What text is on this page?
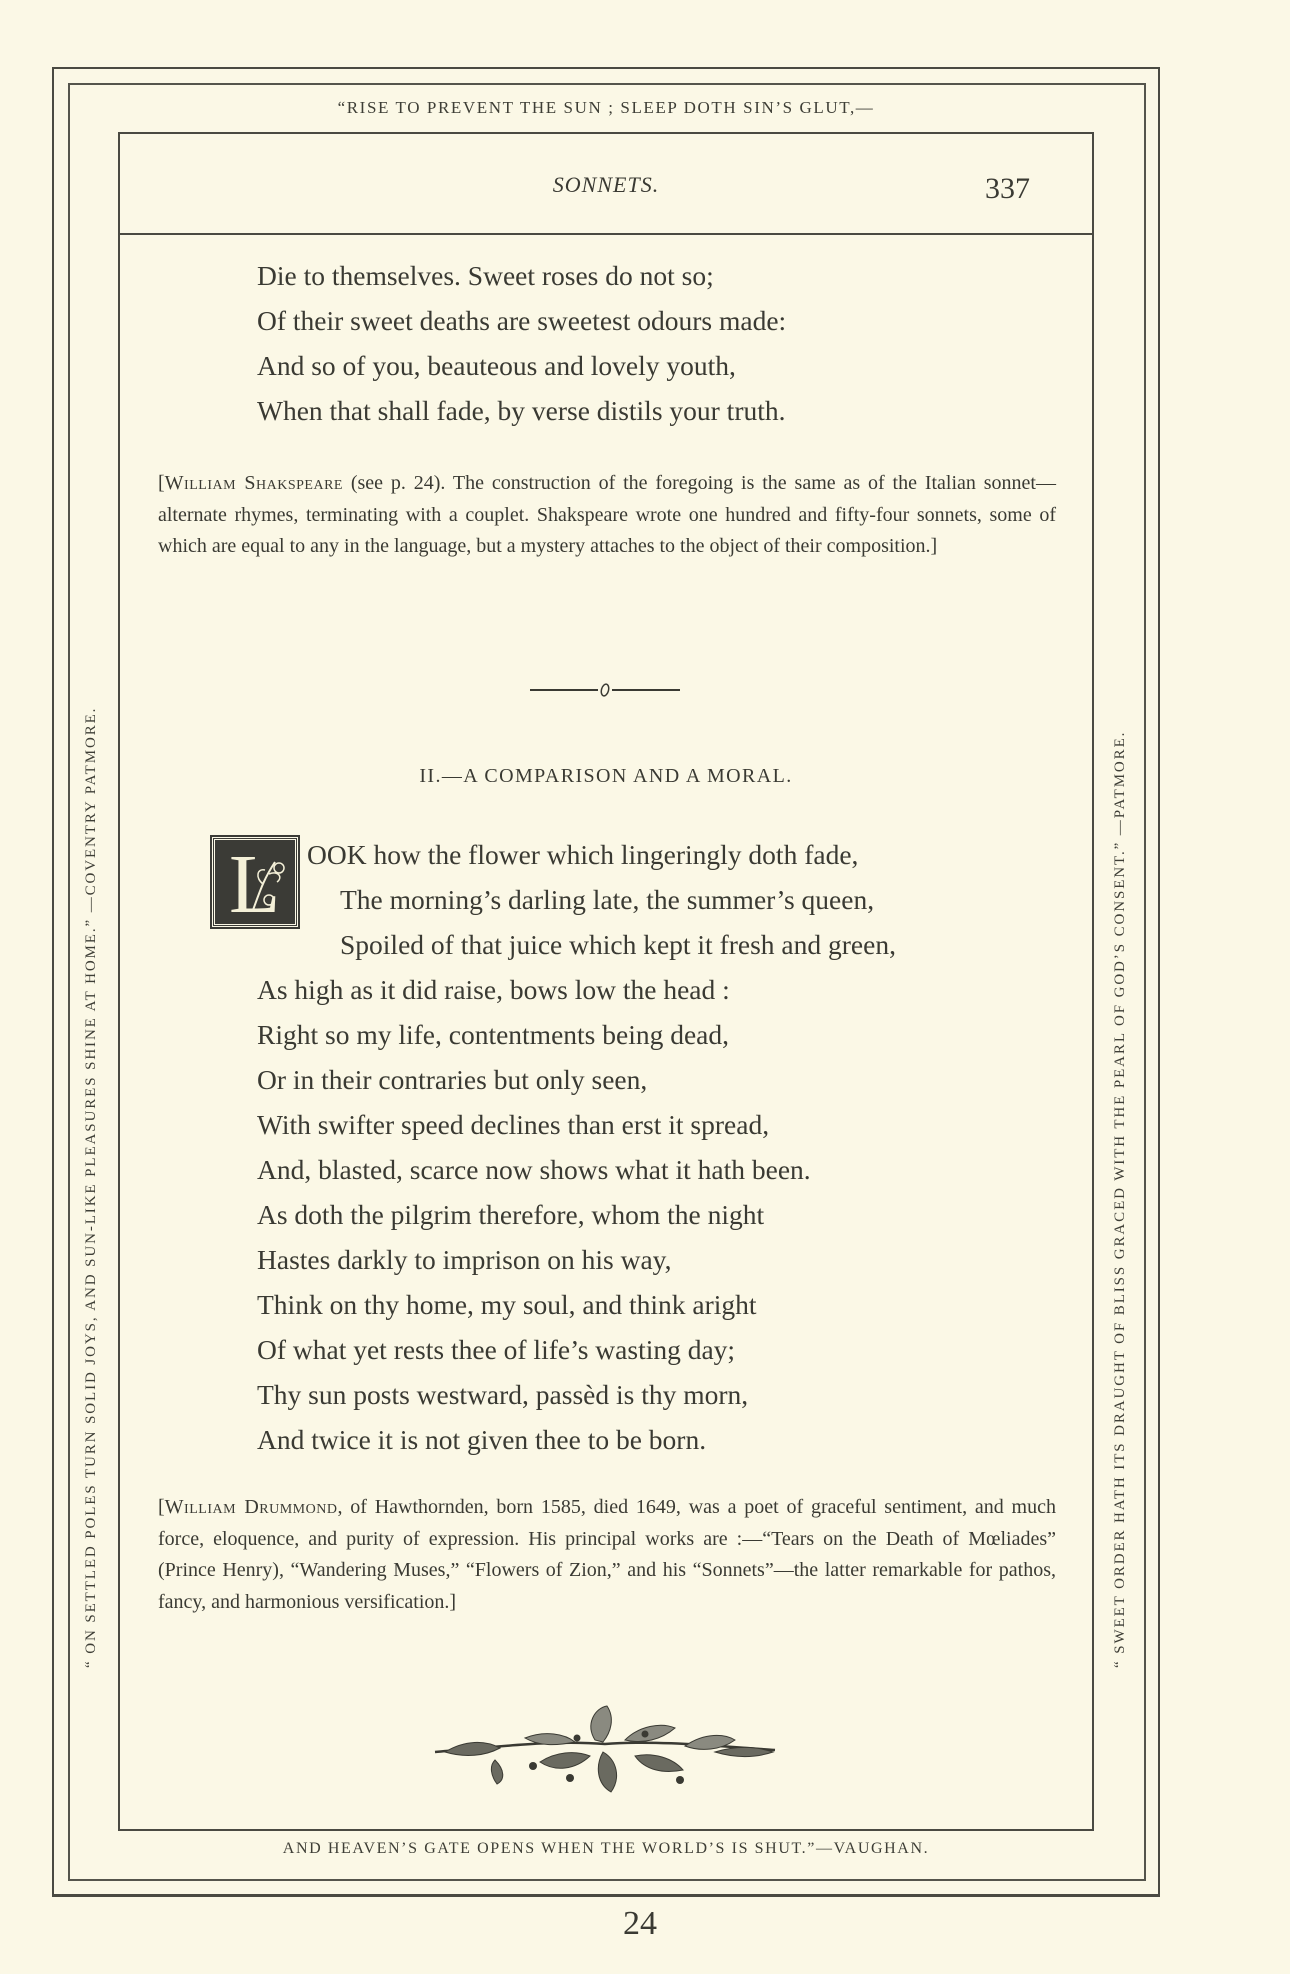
“RISE TO PREVENT THE SUN ; SLEEP DOTH SIN’S GLUT,—
AND HEAVEN’S GATE OPENS WHEN THE WORLD’S IS SHUT.”—VAUGHAN.
“ ON SETTLED POLES TURN SOLID JOYS, AND SUN-LIKE PLEASURES SHINE AT HOME.” —COVENTRY PATMORE.	“ SWEET ORDER HATH ITS DRAUGHT OF BLISS GRACED WITH THE PEARL OF GOD’S CONSENT.” —PATMORE.
SONNETS.	337
Die to themselves. Sweet roses do not so;
Of their sweet deaths are sweetest odours made:
And so of you, beauteous and lovely youth,
When that shall fade, by verse distils your truth.
[William Shakspeare (see p. 24). The construction of the foregoing is the same as of the Italian sonnet—alternate rhymes, terminating with a couplet. Shakspeare wrote one hundred and fifty-four sonnets, some of which are equal to any in the language, but a mystery attaches to the object of their composition.]
II.—A COMPARISON AND A MORAL.
L OOK how the flower which lingeringly doth fade,
The morning’s darling late, the summer’s queen,
Spoiled of that juice which kept it fresh and green,
As high as it did raise, bows low the head :
Right so my life, contentments being dead,
Or in their contraries but only seen,
With swifter speed declines than erst it spread,
And, blasted, scarce now shows what it hath been.
As doth the pilgrim therefore, whom the night
Hastes darkly to imprison on his way,
Think on thy home, my soul, and think aright
Of what yet rests thee of life’s wasting day;
Thy sun posts westward, passèd is thy morn,
And twice it is not given thee to be born.
[William Drummond, of Hawthornden, born 1585, died 1649, was a poet of graceful sentiment, and much force, eloquence, and purity of expression. His principal works are :—“Tears on the Death of Mœliades” (Prince Henry), “Wandering Muses,” “Flowers of Zion,” and his “Sonnets”—the latter remarkable for pathos, fancy, and harmonious versification.]
24
